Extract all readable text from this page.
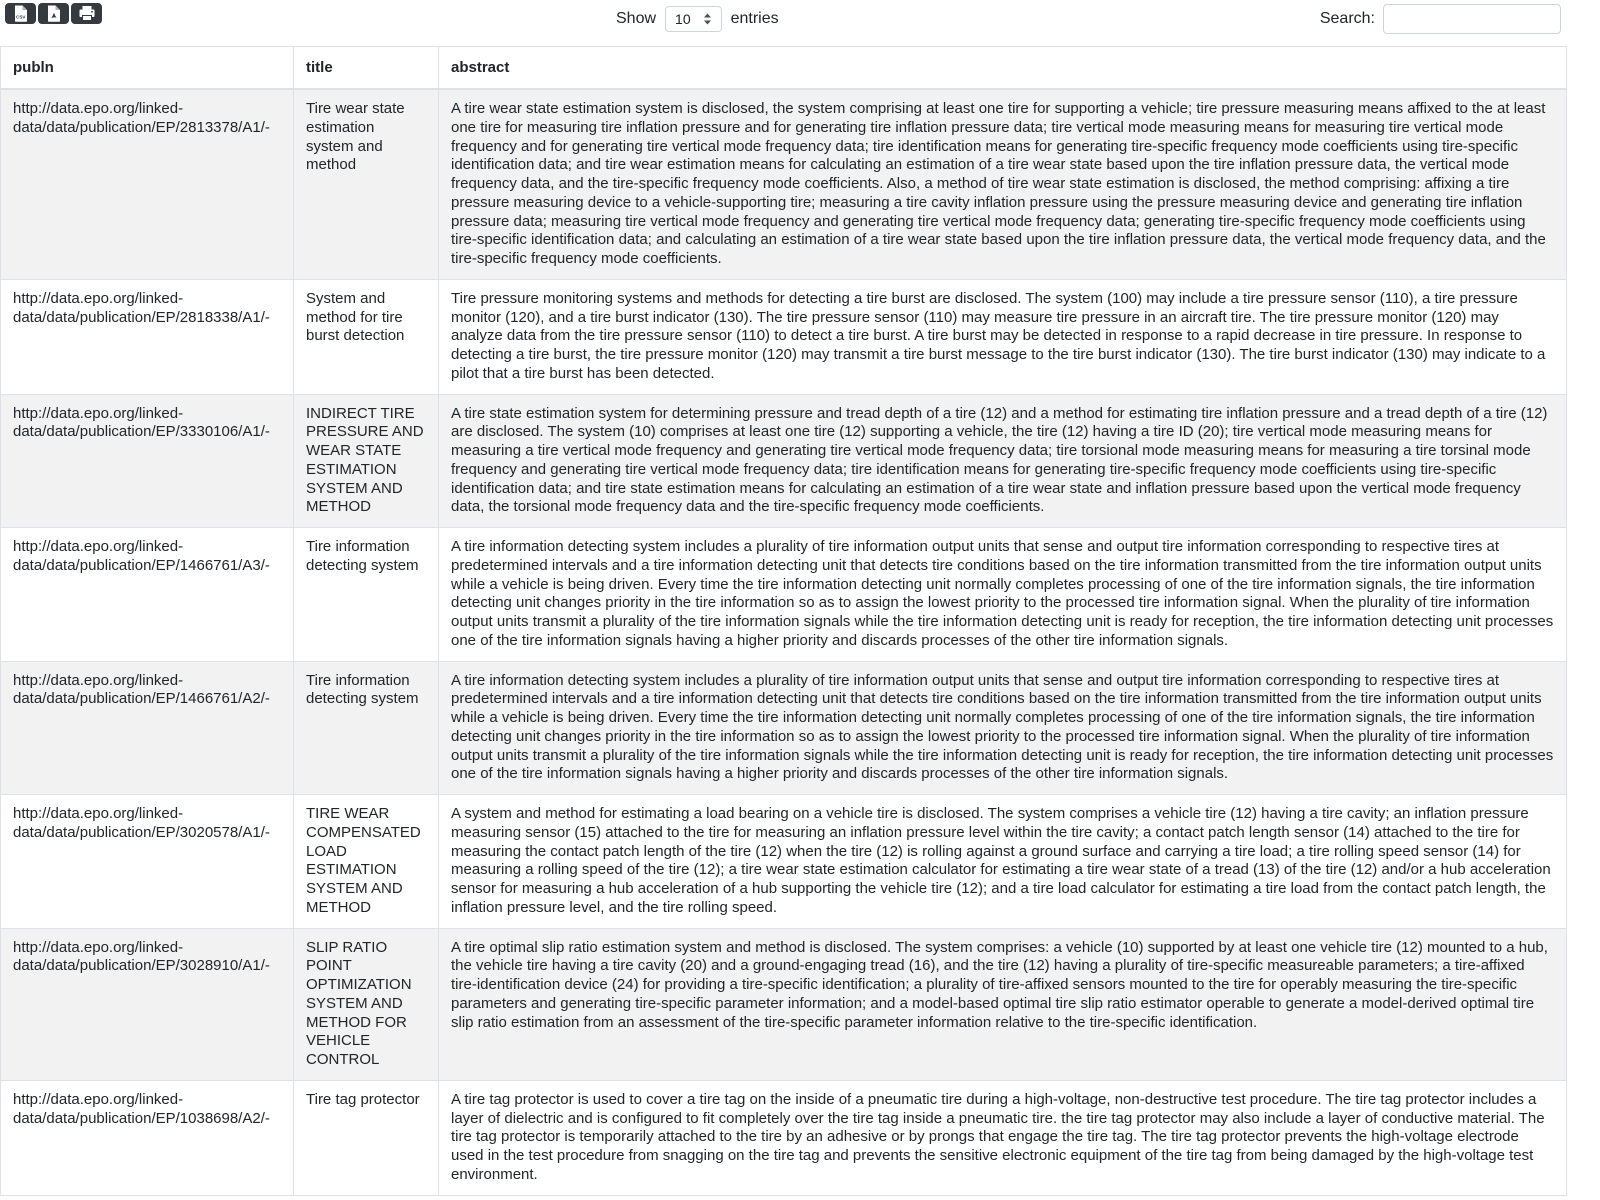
CSV	Show 10	entries	Search:
publn	title	abstract
http://data.epo.org/linked-data/data/publication/EP/2813378/A1/-	Tire wear state estimation system and method	A tire wear state estimation system is disclosed, the system comprising at least one tire for supporting a vehicle; tire pressure measuring means affixed to the at least one tire for measuring tire inflation pressure and for generating tire inflation pressure data; tire vertical mode measuring means for measuring tire vertical mode frequency and for generating tire vertical mode frequency data; tire identification means for generating tire-specific frequency mode coefficients using tire-specific identification data; and tire wear estimation means for calculating an estimation of a tire wear state based upon the tire inflation pressure data, the vertical mode frequency data, and the tire-specific frequency mode coefficients. Also, a method of tire wear state estimation is disclosed, the method comprising: affixing a tire pressure measuring device to a vehicle-supporting tire; measuring a tire cavity inflation pressure using the pressure measuring device and generating tire inflation pressure data; measuring tire vertical mode frequency and generating tire vertical mode frequency data; generating tire-specific frequency mode coefficients using tire-specific identification data; and calculating an estimation of a tire wear state based upon the tire inflation pressure data, the vertical mode frequency data, and the tire-specific frequency mode coefficients.
http://data.epo.org/linked-data/data/publication/EP/2818338/A1/-	System and method for tire burst detection	Tire pressure monitoring systems and methods for detecting a tire burst are disclosed. The system (100) may include a tire pressure sensor (110), a tire pressure monitor (120), and a tire burst indicator (130). The tire pressure sensor (110) may measure tire pressure in an aircraft tire. The tire pressure monitor (120) may analyze data from the tire pressure sensor (110) to detect a tire burst. A tire burst may be detected in response to a rapid decrease in tire pressure. In response to detecting a tire burst, the tire pressure monitor (120) may transmit a tire burst message to the tire burst indicator (130). The tire burst indicator (130) may indicate to a pilot that a tire burst has been detected.
http://data.epo.org/linked-data/data/publication/EP/3330106/A1/-	INDIRECT TIRE PRESSURE AND WEAR STATE ESTIMATION SYSTEM AND METHOD	A tire state estimation system for determining pressure and tread depth of a tire (12) and a method for estimating tire inflation pressure and a tread depth of a tire (12) are disclosed. The system (10) comprises at least one tire (12) supporting a vehicle, the tire (12) having a tire ID (20); tire vertical mode measuring means for measuring a tire vertical mode frequency and generating tire vertical mode frequency data; tire torsional mode measuring means for measuring a tire torsinal mode frequency and generating tire vertical mode frequency data; tire identification means for generating tire-specific frequency mode coefficients using tire-specific identification data; and tire state estimation means for calculating an estimation of a tire wear state and inflation pressure based upon the vertical mode frequency data, the torsional mode frequency data and the tire-specific frequency mode coefficients.
http://data.epo.org/linked-data/data/publication/EP/1466761/A3/-	Tire information detecting system	A tire information detecting system includes a plurality of tire information output units that sense and output tire information corresponding to respective tires at predetermined intervals and a tire information detecting unit that detects tire conditions based on the tire information transmitted from the tire information output units while a vehicle is being driven. Every time the tire information detecting unit normally completes processing of one of the tire information signals, the tire information detecting unit changes priority in the tire information so as to assign the lowest priority to the processed tire information signal. When the plurality of tire information output units transmit a plurality of the tire information signals while the tire information detecting unit is ready for reception, the tire information detecting unit processes one of the tire information signals having a higher priority and discards processes of the other tire information signals.
http://data.epo.org/linked-data/data/publication/EP/1466761/A2/-	Tire information detecting system	A tire information detecting system includes a plurality of tire information output units that sense and output tire information corresponding to respective tires at predetermined intervals and a tire information detecting unit that detects tire conditions based on the tire information transmitted from the tire information output units while a vehicle is being driven. Every time the tire information detecting unit normally completes processing of one of the tire information signals, the tire information detecting unit changes priority in the tire information so as to assign the lowest priority to the processed tire information signal. When the plurality of tire information output units transmit a plurality of the tire information signals while the tire information detecting unit is ready for reception, the tire information detecting unit processes one of the tire information signals having a higher priority and discards processes of the other tire information signals.
http://data.epo.org/linked-data/data/publication/EP/3020578/A1/-	TIRE WEAR COMPENSATED LOAD ESTIMATION SYSTEM AND METHOD	A system and method for estimating a load bearing on a vehicle tire is disclosed. The system comprises a vehicle tire (12) having a tire cavity; an inflation pressure measuring sensor (15) attached to the tire for measuring an inflation pressure level within the tire cavity; a contact patch length sensor (14) attached to the tire for measuring the contact patch length of the tire (12) when the tire (12) is rolling against a ground surface and carrying a tire load; a tire rolling speed sensor (14) for measuring a rolling speed of the tire (12); a tire wear state estimation calculator for estimating a tire wear state of a tread (13) of the tire (12) and/or a hub acceleration sensor for measuring a hub acceleration of a hub supporting the vehicle tire (12); and a tire load calculator for estimating a tire load from the contact patch length, the inflation pressure level, and the tire rolling speed.
http://data.epo.org/linked-data/data/publication/EP/3028910/A1/-	SLIP RATIO POINT OPTIMIZATION SYSTEM AND METHOD FOR VEHICLE CONTROL	A tire optimal slip ratio estimation system and method is disclosed. The system comprises: a vehicle (10) supported by at least one vehicle tire (12) mounted to a hub, the vehicle tire having a tire cavity (20) and a ground-engaging tread (16), and the tire (12) having a plurality of tire-specific measureable parameters; a tire-affixed tire-identification device (24) for providing a tire-specific identification; a plurality of tire-affixed sensors mounted to the tire for operably measuring the tire-specific parameters and generating tire-specific parameter information; and a model-based optimal tire slip ratio estimator operable to generate a model-derived optimal tire slip ratio estimation from an assessment of the tire-specific parameter information relative to the tire-specific identification.
http://data.epo.org/linked-data/data/publication/EP/1038698/A2/-	Tire tag protector	A tire tag protector is used to cover a tire tag on the inside of a pneumatic tire during a high-voltage, non-destructive test procedure. The tire tag protector includes a layer of dielectric and is configured to fit completely over the tire tag inside a pneumatic tire. the tire tag protector may also include a layer of conductive material. The tire tag protector is temporarily attached to the tire by an adhesive or by prongs that engage the tire tag. The tire tag protector prevents the high-voltage electrode used in the test procedure from snagging on the tire tag and prevents the sensitive electronic equipment of the tire tag from being damaged by the high-voltage test environment.
